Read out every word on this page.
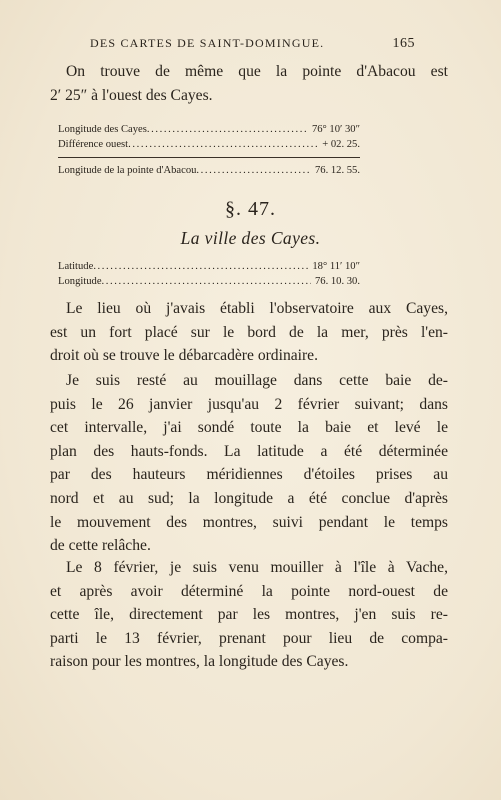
DES CARTES DE SAINT-DOMINGUE.	165
On trouve de même que la pointe d'Abacou est
2′ 25″ à l'ouest des Cayes.
Longitude des Cayes .....	76° 10′ 30″
Différence ouest .....	+ 02. 25.
Longitude de la pointe d'Abacou .....	76. 12. 55.
§. 47.
La ville des Cayes.
Latitude .....	18° 11′ 10″
Longitude .....	76. 10. 30.
Le lieu où j'avais établi l'observatoire aux Cayes,
est un fort placé sur le bord de la mer, près l'en-
droit où se trouve le débarcadère ordinaire.
Je suis resté au mouillage dans cette baie de-
puis le 26 janvier jusqu'au 2 février suivant; dans
cet intervalle, j'ai sondé toute la baie et levé le
plan des hauts-fonds. La latitude a été déterminée
par des hauteurs méridiennes d'étoiles prises au
nord et au sud; la longitude a été conclue d'après
le mouvement des montres, suivi pendant le temps
de cette relâche.
Le 8 février, je suis venu mouiller à l'île à Vache,
et après avoir déterminé la pointe nord-ouest de
cette île, directement par les montres, j'en suis re-
parti le 13 février, prenant pour lieu de compa-
raison pour les montres, la longitude des Cayes.
